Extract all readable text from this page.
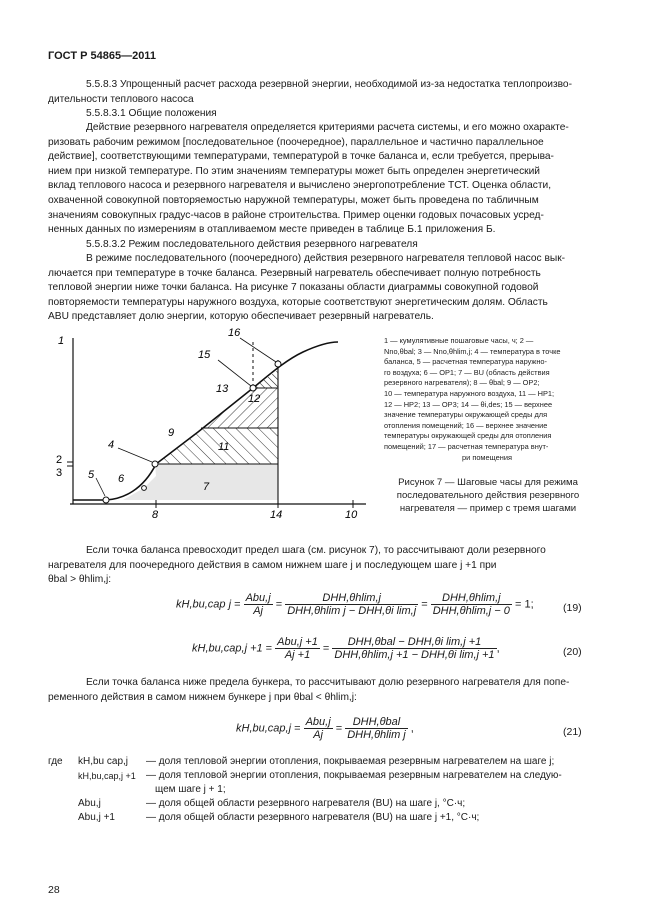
ГОСТ Р 54865—2011
5.5.8.3 Упрощенный расчет расхода резервной энергии, необходимой из-за недостатка теплопроизво-
дительности теплового насоса
5.5.8.3.1 Общие положения
Действие резервного нагревателя определяется критериями расчета системы, и его можно охаракте-
ризовать рабочим режимом [последовательное (поочередное), параллельное и частично параллельное
действие], соответствующими температурами, температурой в точке баланса и, если требуется, прерыва-
нием при низкой температуре. По этим значениям температуры может быть определен энергетический
вклад теплового насоса и резервного нагревателя и вычислено энергопотребление ТСТ. Оценка области,
охваченной совокупной повторяемостью наружной температуры, может быть проведена по табличным
значениям совокупных градус-часов в районе строительства. Пример оценки годовых почасовых усред-
ненных данных по измерениям в отапливаемом месте приведен в таблице Б.1 приложения Б.
5.5.8.3.2 Режим последовательного действия резервного нагревателя
В режиме последовательного (поочередного) действия резервного нагревателя тепловой насос вык-
лючается при температуре в точке баланса. Резервный нагреватель обеспечивает полную потребность
тепловой энергии ниже точки баланса. На рисунке 7 показаны области диаграммы совокупной годовой
повторяемости температуры наружного воздуха, которые соответствуют энергетическим долям. Область
ABU представляет долю энергии, которую обеспечивает резервный нагреватель.
1
2
3
8	14	10
4
5 6
7
9
11
12
13
15
16
1 — кумулятивные пошаговые часы, ч; 2 —
Nno,θbal; 3 — Nno,θhlim,j; 4 — температура в точке
баланса, 5 — расчетная температура наружно-
го воздуха; 6 — OP1; 7 — BU (область действия
резервного нагревателя); 8 — θbal; 9 — OP2;
10 — температура наружного воздуха, 11 — HP1;
12 — HP2; 13 — OP3; 14 — θi,des; 15 — верхнее
значение температуры окружающей среды для
отопления помещений; 16 — верхнее значение
температуры окружающей среды для отопления
помещений; 17 — расчетная температура внут-
ри помещения
Рисунок 7 — Шаговые часы для режима
последовательного действия резервного
нагревателя — пример с тремя шагами
Если точка баланса превосходит предел шага (см. рисунок 7), то рассчитывают доли резервного
нагревателя для поочередного действия в самом нижнем шаге j и последующем шаге j +1 при
θbal > θhlim,j:
kH,bu,cap $j = \frac{\text{Abu,j}}{Aj} = \frac{\text{DHH,θhlim,j}}{\text{DHH,θhlim j − DHH,θi lim,j}} = \frac{\text{DHH,θhlim,j}}{\text{DHH,θhlim,j − 0}} = 1$;	(19)
$kH,bu,cap,j +1 = \frac{\text{Abu,j +1}}{Aj +1} = \frac{\text{DHH,θbal − DHH,θi lim,j +1}}{\text{DHH,θhlim,j +1 − DHH,θi lim,j +1}}$ ,	(20)
Если точка баланса ниже предела бункера, то рассчитывают долю резервного нагревателя для попе-
ременного действия в самом нижнем бункере j при θbal < θhlim,j:
$kH,bu,cap,j = \frac{\text{Abu,j}}{Aj} = \frac{\text{DHH,θbal}}{\text{DHH,θhlim j}}$ ,	(21)
где kH,bu cap,j	— доля тепловой энергии отопления, покрываемая резервным нагревателем на шаге j;
kH,bu,cap,j +1	— доля тепловой энергии отопления, покрываемая резервным нагревателем на следую-
щем шаге j + 1;
Abu,j	— доля общей области резервного нагревателя (BU) на шаге j, °С·ч;
Abu,j +1	— доля общей области резервного нагревателя (BU) на шаге j +1, °С·ч;
28
